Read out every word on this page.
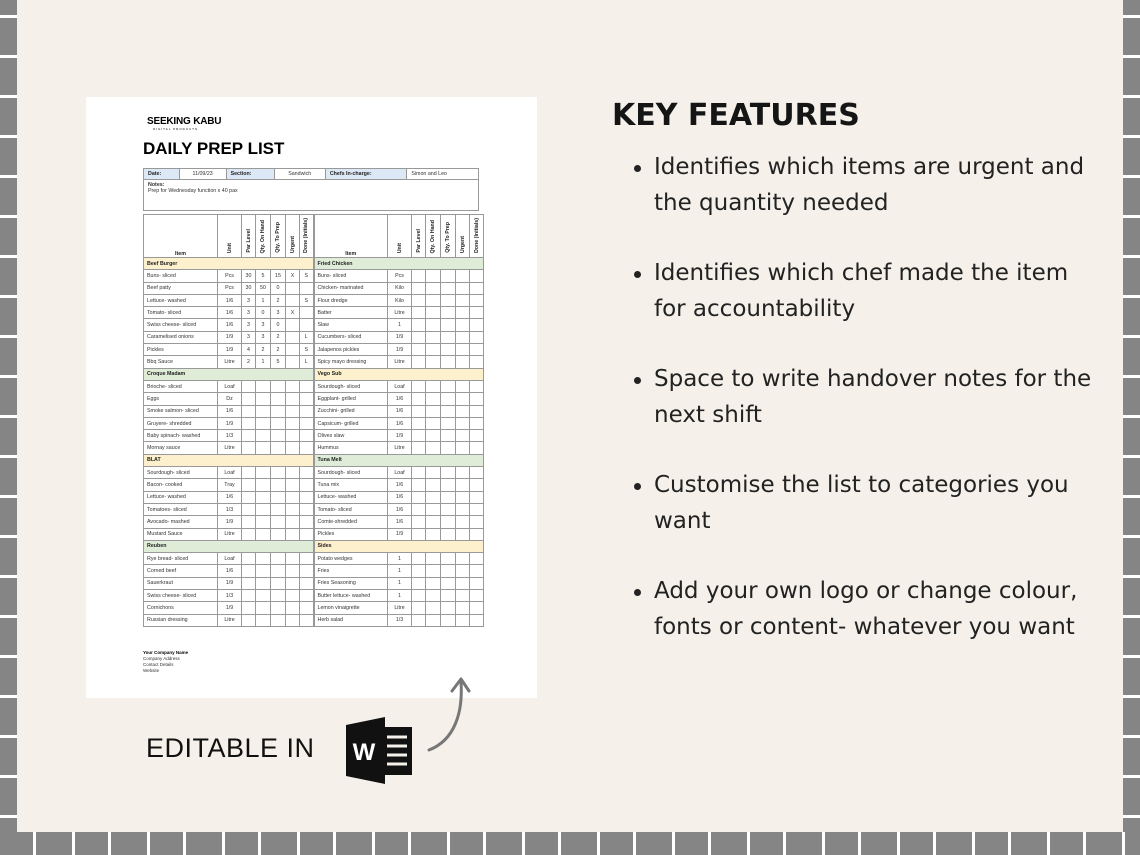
SEEKING KABU
DIGITAL PRODUCTS
DAILY PREP LIST
Date:	11/09/23	Section:	Sandwich	Chefs In-charge:	Simon and Leo
Notes:
Prep for Wednesday function x 40 pax
Item	Unit	Par Level	Qty. On Hand	Qty. To Prep	Urgent	Done (Initials)	Item	Unit	Par Level	Qty. On Hand	Qty. To Prep	Urgent	Done (Initials)
Beef Burger							Fried Chicken						
Buns- sliced	Pcs	30	5	15	X	S	Buns- sliced	Pcs					
Beef patty	Pcs	30	50	0			Chicken- marinated	Kilo					
Lettuce- washed	1/6	3	1	2		S	Flour dredge	Kilo					
Tomato- sliced	1/6	3	0	3	X		Batter	Litre					
Swiss cheese- sliced	1/6	3	3	0			Slaw	1					
Caramelised onions	1/9	3	3	2		L	Cucumbers- sliced	1/9					
Pickles	1/9	4	2	2		S	Jalapenos pickles	1/9					
Bbq Sauce	Litre	2	1	5		L	Spicy mayo dressing	Litre					
Croque Madam							Vego Sub						
Brioche- sliced	Loaf						Sourdough- sliced	Loaf					
Eggs	Dz						Eggplant- grilled	1/6					
Smoke salmon- sliced	1/6						Zucchini- grilled	1/6					
Gruyere- shredded	1/9						Capsicum- grilled	1/6					
Baby spinach- washed	1/3						Olives slaw	1/9					
Mornay sauce	Litre						Hummus	Litre					
BLAT							Tuna Melt						
Sourdough- sliced	Loaf						Sourdough- sliced	Loaf					
Bacon- cooked	Tray						Tuna mix	1/6					
Lettuce- washed	1/6						Lettuce- washed	1/6					
Tomatoes- sliced	1/3						Tomato- sliced	1/6					
Avocado- mashed	1/9						Comte-shredded	1/6					
Mustard Sauce	Litre						Pickles	1/9					
Reuben							Sides						
Rye bread- sliced	Loaf						Potato wedges	1					
Corned beef	1/6						Fries	1					
Sauerkraut	1/9						Fries Seasoning	1					
Swiss cheese- sliced	1/3						Butter lettuce- washed	1					
Cornichons	1/9						Lemon vinaigrette	Litre					
Russian dressing	Litre						Herb salad	1/3					
Your Company Name
Company Address
Contact Details
Website
EDITABLE IN W
KEY FEATURES
Identifies which items are urgent and the quantity needed
Identifies which chef made the item for accountability
Space to write handover notes for the next shift
Customise the list to categories you want
Add your own logo or change colour, fonts or content- whatever you want
